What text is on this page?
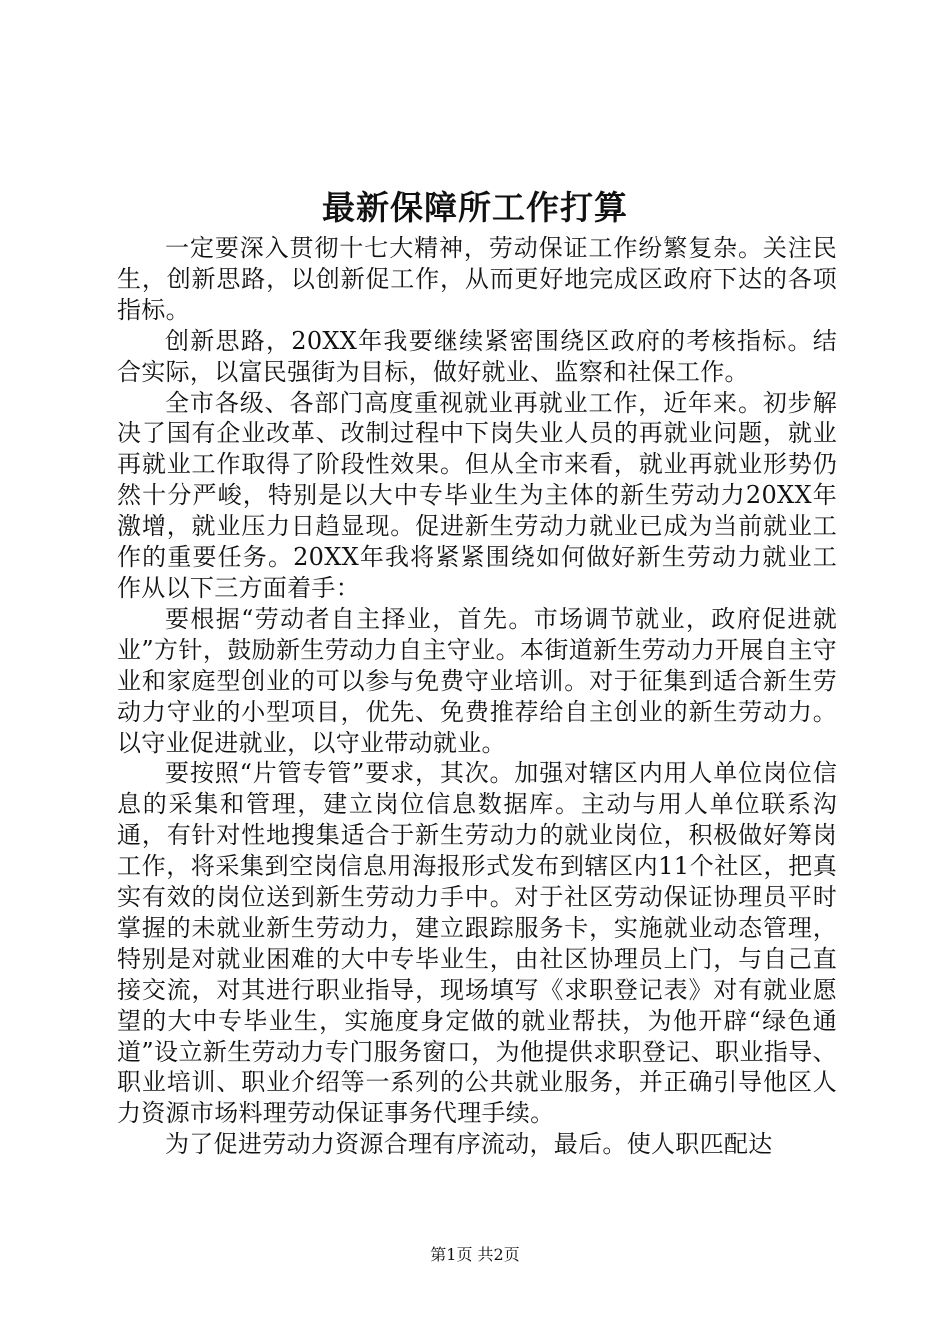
最新保障所工作打算

一定要深入贯彻十七大精神，劳动保证工作纷繁复杂。关注民生，创新思路，以创新促工作，从而更好地完成区政府下达的各项指标。

创新思路，20XX年我要继续紧密围绕区政府的考核指标。结合实际，以富民强街为目标，做好就业、监察和社保工作。

全市各级、各部门高度重视就业再就业工作，近年来。初步解决了国有企业改革、改制过程中下岗失业人员的再就业问题，就业再就业工作取得了阶段性效果。但从全市来看，就业再就业形势仍然十分严峻，特别是以大中专毕业生为主体的新生劳动力20XX年激增，就业压力日趋显现。促进新生劳动力就业已成为当前就业工作的重要任务。20XX年我将紧紧围绕如何做好新生劳动力就业工作从以下三方面着手：

要根据“劳动者自主择业，首先。市场调节就业，政府促进就业”方针，鼓励新生劳动力自主守业。本街道新生劳动力开展自主守业和家庭型创业的可以参与免费守业培训。对于征集到适合新生劳动力守业的小型项目，优先、免费推荐给自主创业的新生劳动力。以守业促进就业，以守业带动就业。

要按照“片管专管”要求，其次。加强对辖区内用人单位岗位信息的采集和管理，建立岗位信息数据库。主动与用人单位联系沟通，有针对性地搜集适合于新生劳动力的就业岗位，积极做好筹岗工作，将采集到空岗信息用海报形式发布到辖区内11个社区，把真实有效的岗位送到新生劳动力手中。对于社区劳动保证协理员平时掌握的未就业新生劳动力，建立跟踪服务卡，实施就业动态管理，特别是对就业困难的大中专毕业生，由社区协理员上门，与自己直接交流，对其进行职业指导，现场填写《求职登记表》对有就业愿望的大中专毕业生，实施度身定做的就业帮扶，为他开辟“绿色通道”设立新生劳动力专门服务窗口，为他提供求职登记、职业指导、职业培训、职业介绍等一系列的公共就业服务，并正确引导他区人力资源市场料理劳动保证事务代理手续。

为了促进劳动力资源合理有序流动，最后。使人职匹配达

第1页 共2页
